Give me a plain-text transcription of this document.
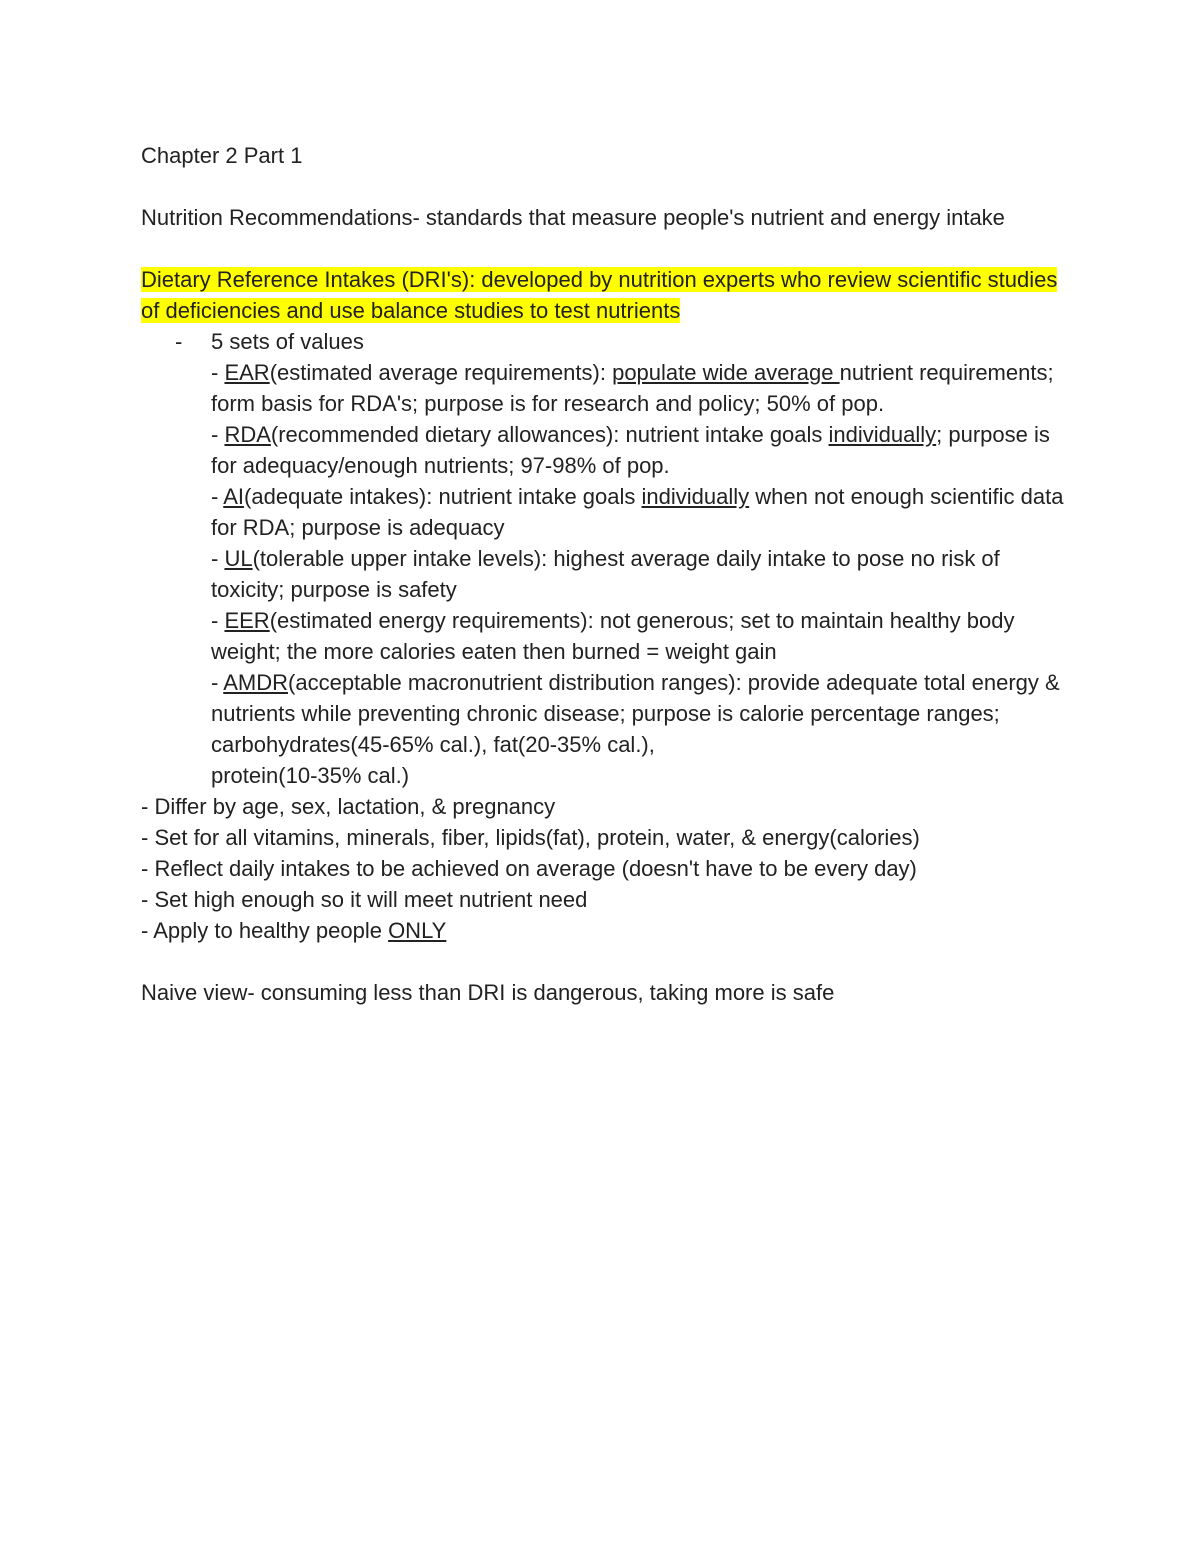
Chapter 2 Part 1

Nutrition Recommendations- standards that measure people's nutrient and energy intake

Dietary Reference Intakes (DRI's): developed by nutrition experts who review scientific studies of deficiencies and use balance studies to test nutrients

- 5 sets of values
- EAR(estimated average requirements): populate wide average nutrient requirements; form basis for RDA's; purpose is for research and policy; 50% of pop.
- RDA(recommended dietary allowances): nutrient intake goals individually; purpose is for adequacy/enough nutrients; 97-98% of pop.
- AI(adequate intakes): nutrient intake goals individually when not enough scientific data for RDA; purpose is adequacy
- UL(tolerable upper intake levels): highest average daily intake to pose no risk of toxicity; purpose is safety
- EER(estimated energy requirements): not generous; set to maintain healthy body weight; the more calories eaten then burned = weight gain
- AMDR(acceptable macronutrient distribution ranges): provide adequate total energy & nutrients while preventing chronic disease; purpose is calorie percentage ranges; carbohydrates(45-65% cal.), fat(20-35% cal.),
protein(10-35% cal.)
- Differ by age, sex, lactation, & pregnancy
- Set for all vitamins, minerals, fiber, lipids(fat), protein, water, & energy(calories)
- Reflect daily intakes to be achieved on average (doesn't have to be every day)
- Set high enough so it will meet nutrient need
- Apply to healthy people ONLY

Naive view- consuming less than DRI is dangerous, taking more is safe
